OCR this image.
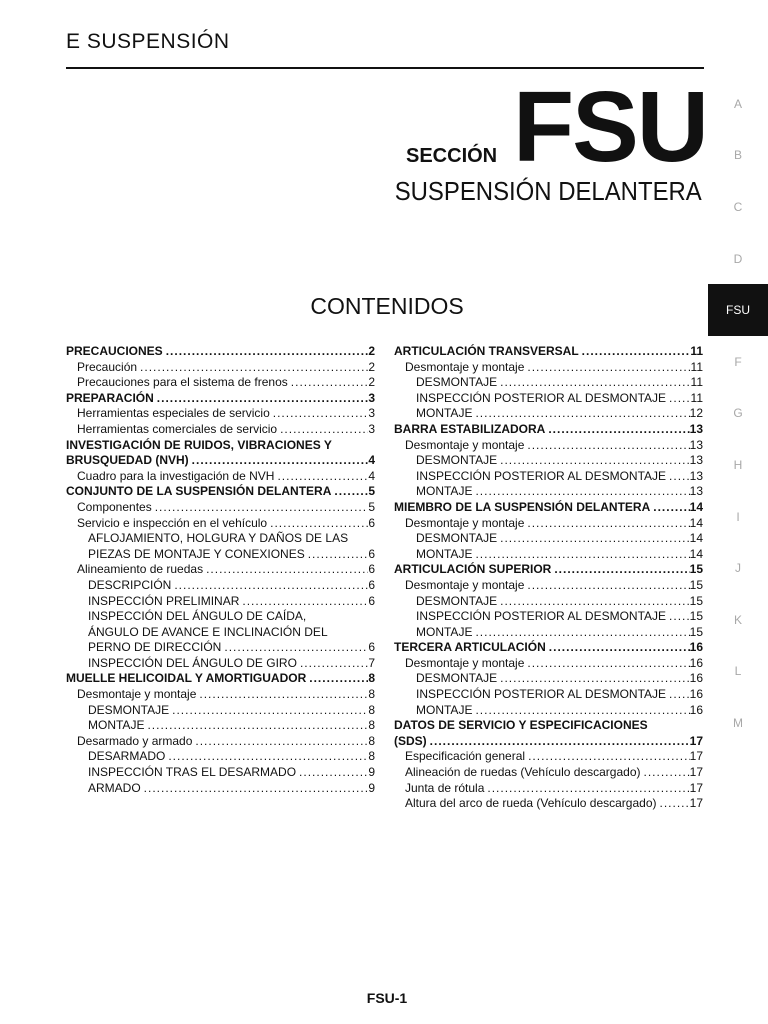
E SUSPENSIÓN
SECCIÓN FSU
SUSPENSIÓN DELANTERA
CONTENIDOS
A
B
C
D
FSU
F
G
H
I
J
K
L
M
PRECAUCIONES .....	2
Precaución .....	2
Precauciones para el sistema de frenos .....	2
PREPARACIÓN .....	3
Herramientas especiales de servicio .....	3
Herramientas comerciales de servicio .....	3
INVESTIGACIÓN DE RUIDOS, VIBRACIONES Y
BRUSQUEDAD (NVH) .....	4
Cuadro para la investigación de NVH .....	4
CONJUNTO DE LA SUSPENSIÓN DELANTERA .....	5
Componentes .....	5
Servicio e inspección en el vehículo .....	6
AFLOJAMIENTO, HOLGURA Y DAÑOS DE LAS
PIEZAS DE MONTAJE Y CONEXIONES .....	6
Alineamiento de ruedas .....	6
DESCRIPCIÓN .....	6
INSPECCIÓN PRELIMINAR .....	6
INSPECCIÓN DEL ÁNGULO DE CAÍDA,
ÁNGULO DE AVANCE E INCLINACIÓN DEL
PERNO DE DIRECCIÓN .....	6
INSPECCIÓN DEL ÁNGULO DE GIRO .....	7
MUELLE HELICOIDAL Y AMORTIGUADOR .....	8
Desmontaje y montaje .....	8
DESMONTAJE .....	8
MONTAJE .....	8
Desarmado y armado .....	8
DESARMADO .....	8
INSPECCIÓN TRAS EL DESARMADO .....	9
ARMADO .....	9
ARTICULACIÓN TRANSVERSAL .....	11
Desmontaje y montaje .....	11
DESMONTAJE .....	11
INSPECCIÓN POSTERIOR AL DESMONTAJE ..... 11
MONTAJE .....	12
BARRA ESTABILIZADORA .....	13
Desmontaje y montaje .....	13
DESMONTAJE .....	13
INSPECCIÓN POSTERIOR AL DESMONTAJE ..... 13
MONTAJE .....	13
MIEMBRO DE LA SUSPENSIÓN DELANTERA .....	14
Desmontaje y montaje .....	14
DESMONTAJE .....	14
MONTAJE .....	14
ARTICULACIÓN SUPERIOR .....	15
Desmontaje y montaje .....	15
DESMONTAJE .....	15
INSPECCIÓN POSTERIOR AL DESMONTAJE ..... 15
MONTAJE .....	15
TERCERA ARTICULACIÓN .....	16
Desmontaje y montaje .....	16
DESMONTAJE .....	16
INSPECCIÓN POSTERIOR AL DESMONTAJE ..... 16
MONTAJE .....	16
DATOS DE SERVICIO Y ESPECIFICACIONES
(SDS) .....	17
Especificación general .....	17
Alineación de ruedas (Vehículo descargado) .....	17
Junta de rótula .....	17
Altura del arco de rueda (Vehículo descargado) .....	17
FSU-1
